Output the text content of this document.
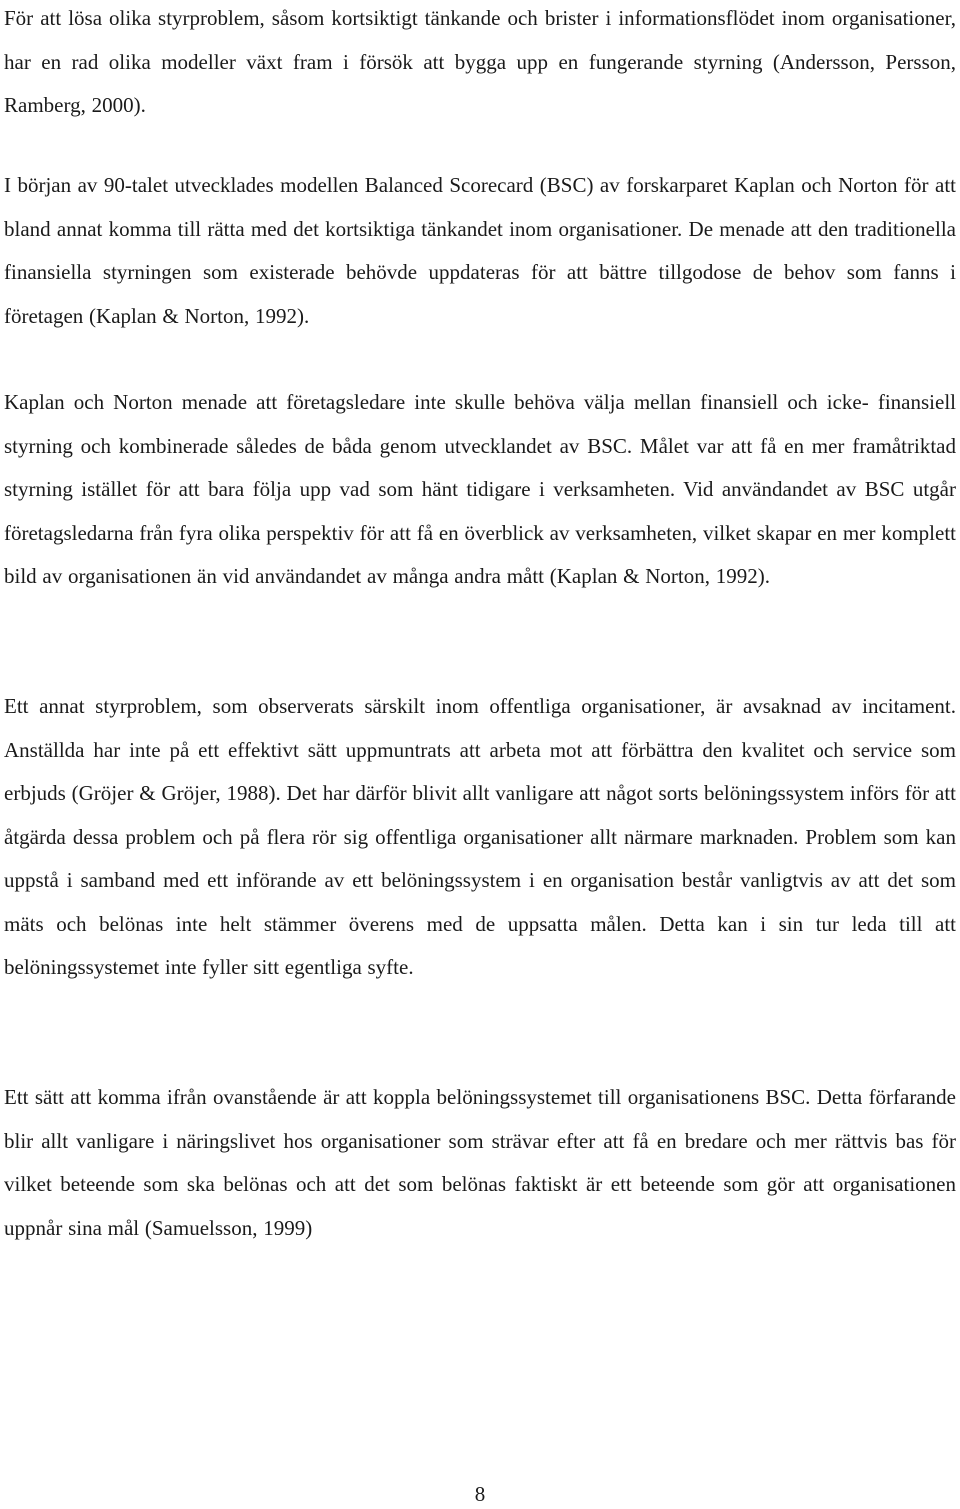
För att lösa olika styrproblem, såsom kortsiktigt tänkande och brister i informationsflödet inom organisationer, har en rad olika modeller växt fram i försök att bygga upp en fungerande styrning (Andersson, Persson, Ramberg, 2000).

I början av 90-talet utvecklades modellen Balanced Scorecard (BSC) av forskarparet Kaplan och Norton för att bland annat komma till rätta med det kortsiktiga tänkandet inom organisationer. De menade att den traditionella finansiella styrningen som existerade behövde uppdateras för att bättre tillgodose de behov som fanns i företagen (Kaplan & Norton, 1992).

Kaplan och Norton menade att företagsledare inte skulle behöva välja mellan finansiell och icke- finansiell styrning och kombinerade således de båda genom utvecklandet av BSC. Målet var att få en mer framåtriktad styrning istället för att bara följa upp vad som hänt tidigare i verksamheten. Vid användandet av BSC utgår företagsledarna från fyra olika perspektiv för att få en överblick av verksamheten, vilket skapar en mer komplett bild av organisationen än vid användandet av många andra mått (Kaplan & Norton, 1992).

Ett annat styrproblem, som observerats särskilt inom offentliga organisationer, är avsaknad av incitament. Anställda har inte på ett effektivt sätt uppmuntrats att arbeta mot att förbättra den kvalitet och service som erbjuds (Gröjer & Gröjer, 1988). Det har därför blivit allt vanligare att något sorts belöningssystem införs för att åtgärda dessa problem och på flera rör sig offentliga organisationer allt närmare marknaden. Problem som kan uppstå i samband med ett införande av ett belöningssystem i en organisation består vanligtvis av att det som mäts och belönas inte helt stämmer överens med de uppsatta målen. Detta kan i sin tur leda till att belöningssystemet inte fyller sitt egentliga syfte.

Ett sätt att komma ifrån ovanstående är att koppla belöningssystemet till organisationens BSC. Detta förfarande blir allt vanligare i näringslivet hos organisationer som strävar efter att få en bredare och mer rättvis bas för vilket beteende som ska belönas och att det som belönas faktiskt är ett beteende som gör att organisationen uppnår sina mål (Samuelsson, 1999)

8
